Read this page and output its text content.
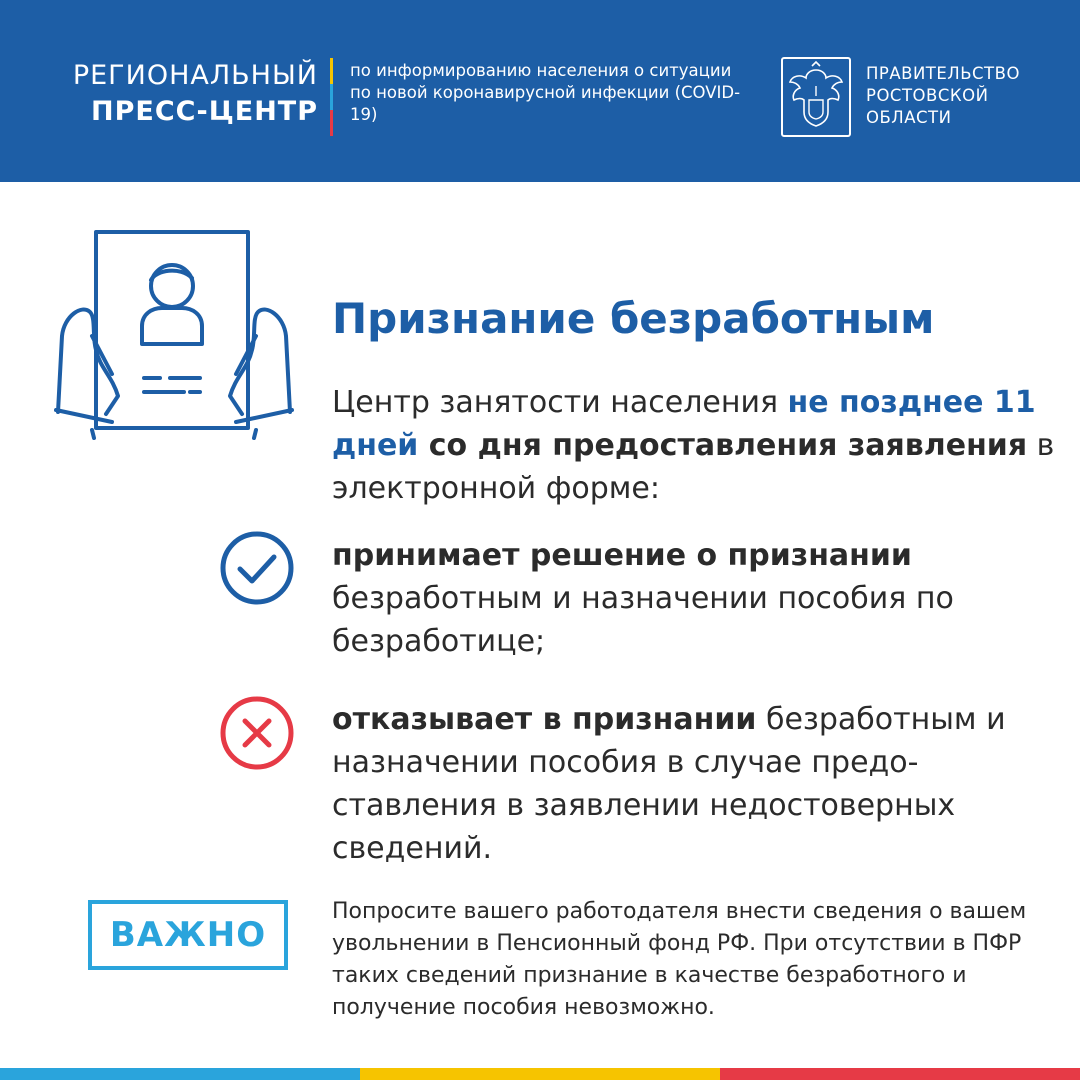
РЕГИОНАЛЬНЫЙ
ПРЕСС-ЦЕНТР
по информированию населения о ситуации по новой коронавирусной инфекции (COVID-19)
ПРАВИТЕЛЬСТВО РОСТОВСКОЙ ОБЛАСТИ
Признание безработным
Центр занятости населения не позднее 11 дней со дня предоставления заявления в электронной форме:
принимает решение о признании безработным и назначении пособия по безработице;
отказывает в признании безработным и назначении пособия в случае предо-ставления в заявлении недостоверных сведений.
ВАЖНО
Попросите вашего работодателя внести сведения о вашем увольнении в Пенсионный фонд РФ. При отсутствии в ПФР таких сведений признание в качестве безработного и получение пособия невозможно.
